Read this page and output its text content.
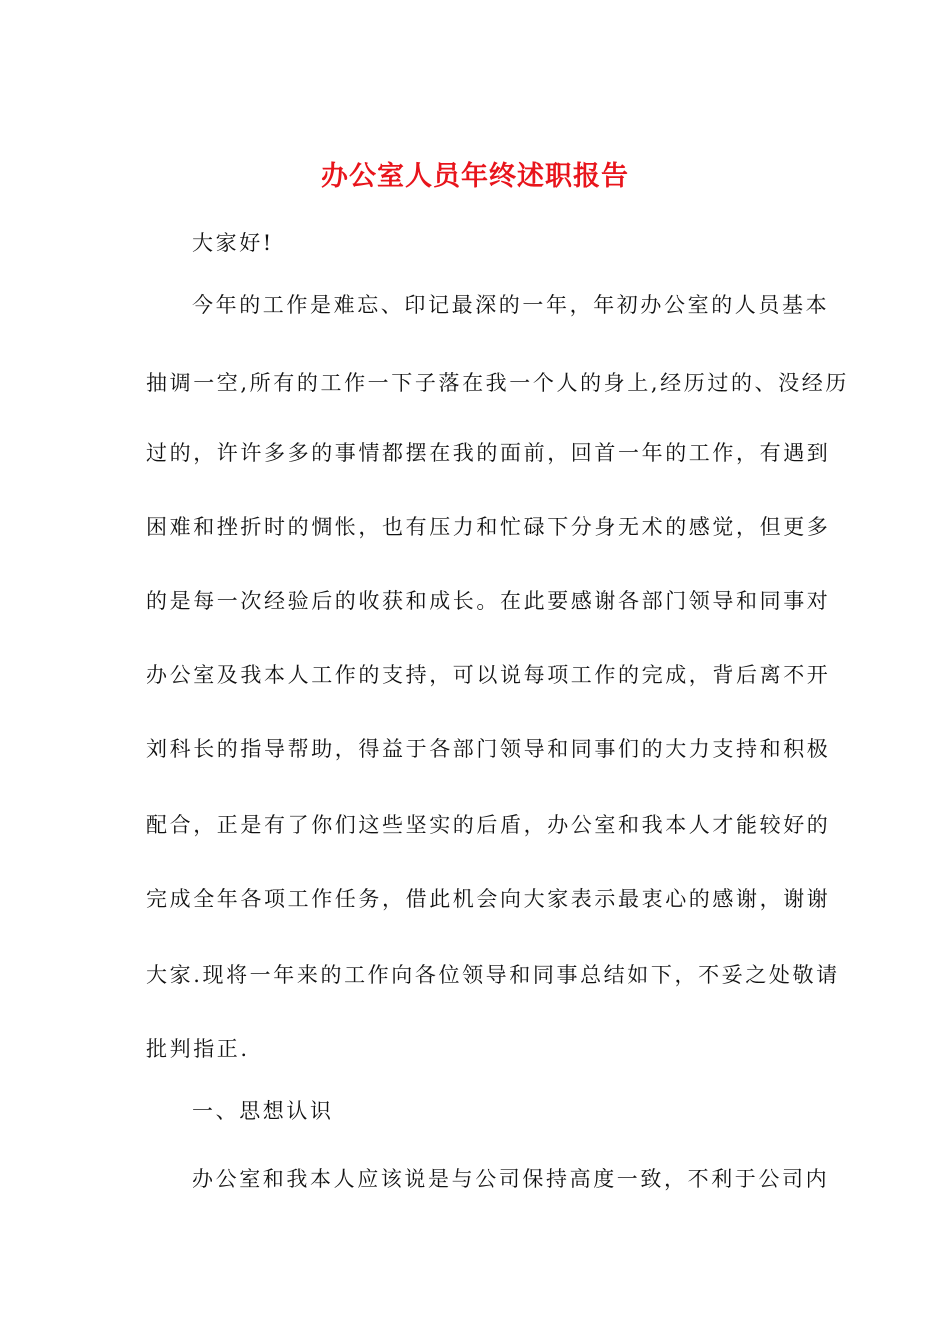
办公室人员年终述职报告
大家好!
今年的工作是难忘、印记最深的一年，年初办公室的人员基本
抽调一空,所有的工作一下子落在我一个人的身上,经历过的、没经历
过的，许许多多的事情都摆在我的面前，回首一年的工作，有遇到
困难和挫折时的惆怅，也有压力和忙碌下分身无术的感觉，但更多
的是每一次经验后的收获和成长。在此要感谢各部门领导和同事对
办公室及我本人工作的支持，可以说每项工作的完成，背后离不开
刘科长的指导帮助，得益于各部门领导和同事们的大力支持和积极
配合，正是有了你们这些坚实的后盾，办公室和我本人才能较好的
完成全年各项工作任务，借此机会向大家表示最衷心的感谢，谢谢
大家.现将一年来的工作向各位领导和同事总结如下，不妥之处敬请
批判指正.
一、思想认识
办公室和我本人应该说是与公司保持高度一致，不利于公司内
